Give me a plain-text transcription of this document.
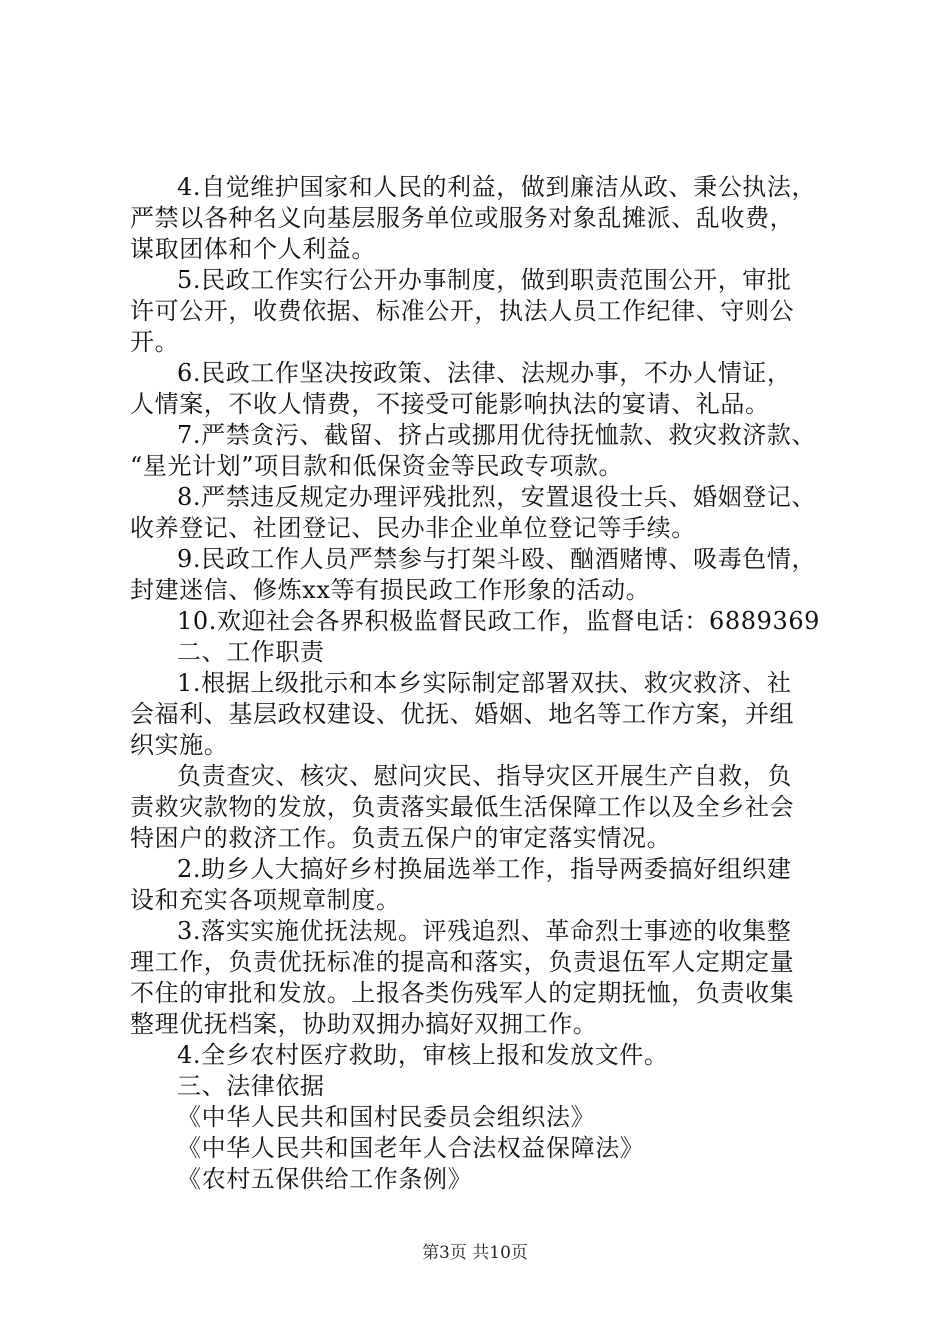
4.自觉维护国家和人民的利益，做到廉洁从政、秉公执法，
严禁以各种名义向基层服务单位或服务对象乱摊派、乱收费，
谋取团体和个人利益。
5.民政工作实行公开办事制度，做到职责范围公开，审批
许可公开，收费依据、标准公开，执法人员工作纪律、守则公
开。
6.民政工作坚决按政策、法律、法规办事，不办人情证，
人情案，不收人情费，不接受可能影响执法的宴请、礼品。
7.严禁贪污、截留、挤占或挪用优待抚恤款、救灾救济款、
“星光计划”项目款和低保资金等民政专项款。
8.严禁违反规定办理评残批烈，安置退役士兵、婚姻登记、
收养登记、社团登记、民办非企业单位登记等手续。
9.民政工作人员严禁参与打架斗殴、酗酒赌博、吸毒色情，
封建迷信、修炼xx等有损民政工作形象的活动。
10.欢迎社会各界积极监督民政工作，监督电话：6889369
二、工作职责
1.根据上级批示和本乡实际制定部署双扶、救灾救济、社
会福利、基层政权建设、优抚、婚姻、地名等工作方案，并组
织实施。
负责查灾、核灾、慰问灾民、指导灾区开展生产自救，负
责救灾款物的发放，负责落实最低生活保障工作以及全乡社会
特困户的救济工作。负责五保户的审定落实情况。
2.助乡人大搞好乡村换届选举工作，指导两委搞好组织建
设和充实各项规章制度。
3.落实实施优抚法规。评残追烈、革命烈士事迹的收集整
理工作，负责优抚标准的提高和落实，负责退伍军人定期定量
不住的审批和发放。上报各类伤残军人的定期抚恤，负责收集
整理优抚档案，协助双拥办搞好双拥工作。
4.全乡农村医疗救助，审核上报和发放文件。
三、法律依据
《中华人民共和国村民委员会组织法》
《中华人民共和国老年人合法权益保障法》
《农村五保供给工作条例》
第3页 共10页
